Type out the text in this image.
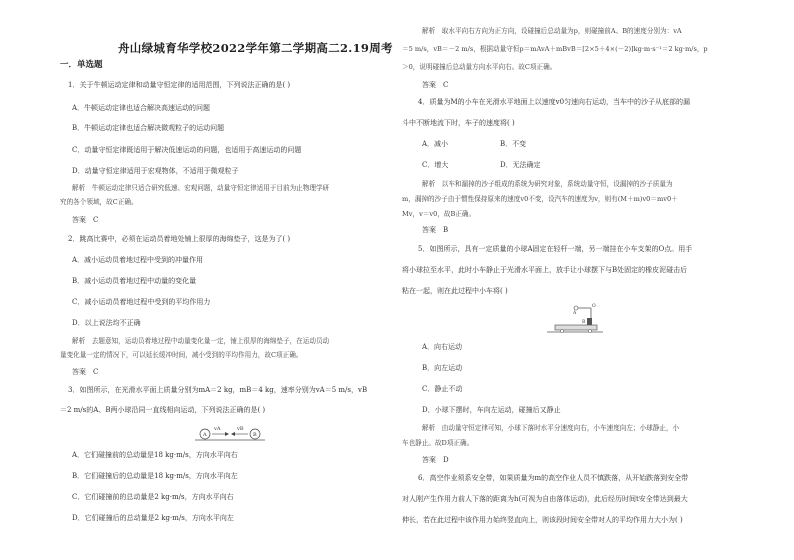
舟山绿城育华学校2022学年第二学期高二2.19周考
一．单选题
1．关于牛顿运动定律和动量守恒定律的适用范围，下列说法正确的是( )
A．牛顿运动定律也适合解决高速运动的问题
B．牛顿运动定律也适合解决微观粒子的运动问题
C．动量守恒定律既适用于解决低速运动的问题，也适用于高速运动的问题
D．动量守恒定律适用于宏观物体，不适用于微观粒子
解析　牛顿运动定律只适合研究低速、宏观问题，动量守恒定律适用于目前为止物理学研
究的各个领域，故C正确。
答案　C
2．跳高比赛中，必须在运动员着地处铺上很厚的海绵垫子，这是为了( )
A．减小运动员着地过程中受到的冲量作用
B．减小运动员着地过程中动量的变化量
C．减小运动员着地过程中受到的平均作用力
D．以上说法均不正确
解析　去题意知，运动员着地过程中动量变化量一定，铺上很厚的海绵垫子，在运动员动
量变化量一定的情况下，可以延长缓冲时间，减小受到的平均作用力，故C项正确。
答案　C
3．如图所示，在光滑水平面上质量分别为mA＝2 kg，mB＝4 kg，速率分别为vA＝5 m/s，vB
＝2 m/s的A、B两小球沿同一直线相向运动，下列说法正确的是( )
A	B
vA	vB
A．它们碰撞前的总动量是18 kg·m/s，方向水平向右
B．它们碰撞后的总动量是18 kg·m/s，方向水平向左
C．它们碰撞前的总动量是2 kg·m/s，方向水平向右
D．它们碰撞后的总动量是2 kg·m/s，方向水平向左
解析　取水平向右方向为正方向，设碰撞后总动量为p，则碰撞前A、B的速度分别为：vA
＝5 m/s，vB＝－2 m/s，根据动量守恒p＝mAvA＋mBvB＝[2×5＋4×(－2)]kg·m·s⁻¹＝2 kg·m/s，p
＞0，说明碰撞后总动量方向水平向右。故C项正确。
答案　C
4．质量为M的小车在光滑水平地面上以速度v0匀速向右运动，当车中的沙子从底部的漏
斗中不断地流下时，车子的速度将( )
A．减小	B．不变
C．增大	D．无法确定
解析　以车和漏掉的沙子组成的系统为研究对象，系统动量守恒，设漏掉的沙子质量为
m，漏掉的沙子由于惯性保持原来的速度v0不变，设汽车的速度为v，则有(M＋m)v0＝mv0＋
Mv，v＝v0，故B正确。
答案　B
5．如图所示，具有一定质量的小球A固定在轻杆一端，另一端挂在小车支架的O点。用手
将小球拉至水平，此时小车静止于光滑水平面上，放手让小球摆下与B处固定的橡皮泥碰击后
粘在一起，则在此过程中小车将( )
O
A
B
A．向右运动
B．向左运动
C．静止不动
D．小球下摆时，车向左运动，碰撞后又静止
解析　由动量守恒定律可知，小球下落时水平分速度向右，小车速度向左；小球静止，小
车也静止。故D项正确。
答案　D
6．高空作业须系安全带，如果质量为m的高空作业人员不慎跌落，从开始跌落到安全带
对人刚产生作用力前人下落的距离为h(可视为自由落体运动)，此后经历时间t安全带达到最大
伸长，若在此过程中该作用力始终竖直向上，则该段时间安全带对人的平均作用力大小为( )
